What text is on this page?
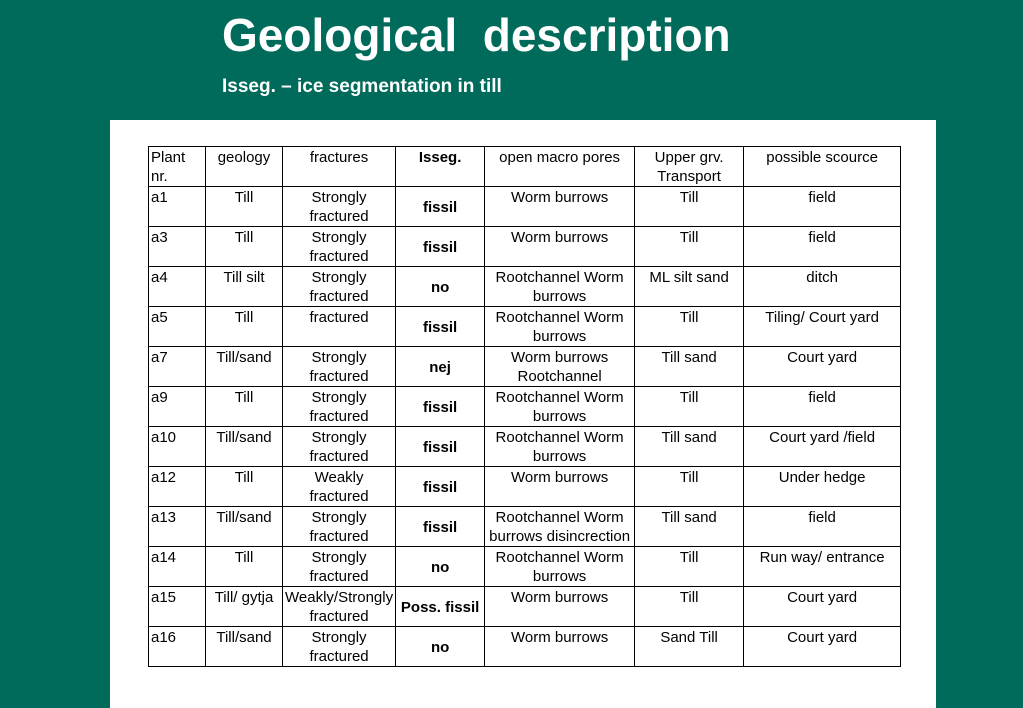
Geological  description
Isseg. – ice segmentation in till
Plant nr.	geology	fractures	Isseg.	open macro pores	Upper grv. Transport	possible scource
a1	Till	Strongly fractured	fissil	Worm burrows	Till	field
a3	Till	Strongly fractured	fissil	Worm burrows	Till	field
a4	Till silt	Strongly fractured	no	Rootchannel Worm burrows	ML silt sand	ditch
a5	Till	fractured	fissil	Rootchannel Worm burrows	Till	Tiling/ Court yard
a7	Till/sand	Strongly fractured	nej	Worm burrows Rootchannel	Till sand	Court yard
a9	Till	Strongly fractured	fissil	Rootchannel Worm burrows	Till	field
a10	Till/sand	Strongly fractured	fissil	Rootchannel Worm burrows	Till sand	Court yard /field
a12	Till	Weakly fractured	fissil	Worm burrows	Till	Under hedge
a13	Till/sand	Strongly fractured	fissil	Rootchannel Worm burrows disincrection	Till sand	field
a14	Till	Strongly fractured	no	Rootchannel Worm burrows	Till	Run way/ entrance
a15	Till/ gytja	Weakly/Strongly fractured	Poss. fissil	Worm burrows	Till	Court yard
a16	Till/sand	Strongly fractured	no	Worm burrows	Sand Till	Court yard
